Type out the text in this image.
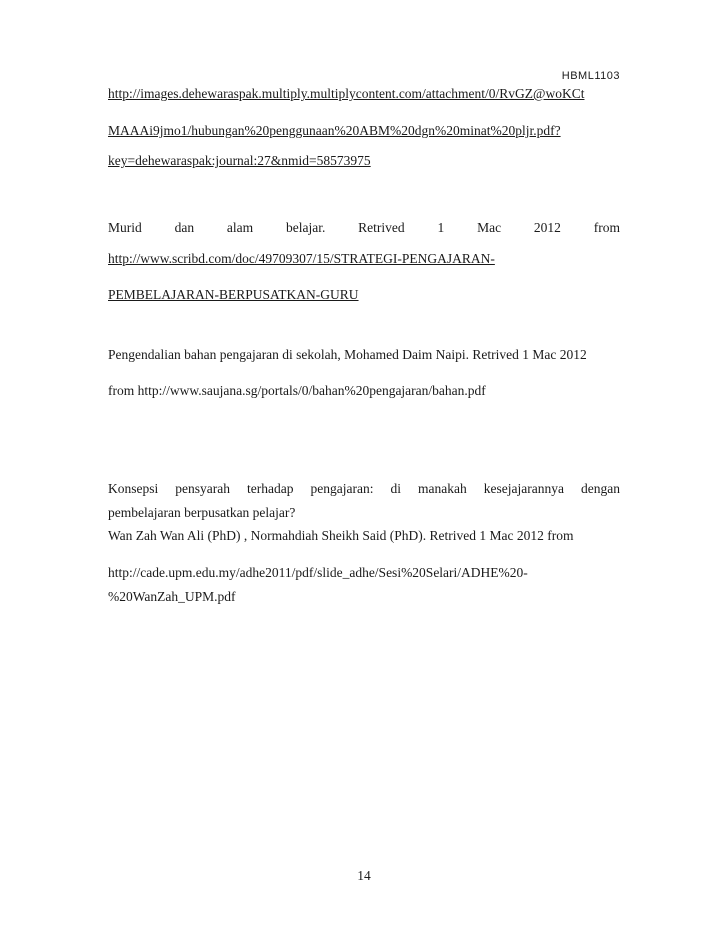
HBML1103
http://images.dehewaraspak.multiply.multiplycontent.com/attachment/0/RvGZ@woKCt
MAAAi9jmo1/hubungan%20penggunaan%20ABM%20dgn%20minat%20pljr.pdf?
key=dehewaraspak:journal:27&nmid=58573975
Murid dan alam belajar. Retrived 1 Mac 2012 from
http://www.scribd.com/doc/49709307/15/STRATEGI-PENGAJARAN-
PEMBELAJARAN-BERPUSATKAN-GURU
Pengendalian bahan pengajaran di sekolah, Mohamed Daim Naipi. Retrived 1 Mac 2012
from http://www.saujana.sg/portals/0/bahan%20pengajaran/bahan.pdf
Konsepsi pensyarah terhadap pengajaran: di manakah kesejajarannya dengan
pembelajaran berpusatkan pelajar?
Wan Zah Wan Ali (PhD) , Normahdiah Sheikh Said (PhD). Retrived 1 Mac 2012 from
http://cade.upm.edu.my/adhe2011/pdf/slide_adhe/Sesi%20Selari/ADHE%20-
%20WanZah_UPM.pdf
14
